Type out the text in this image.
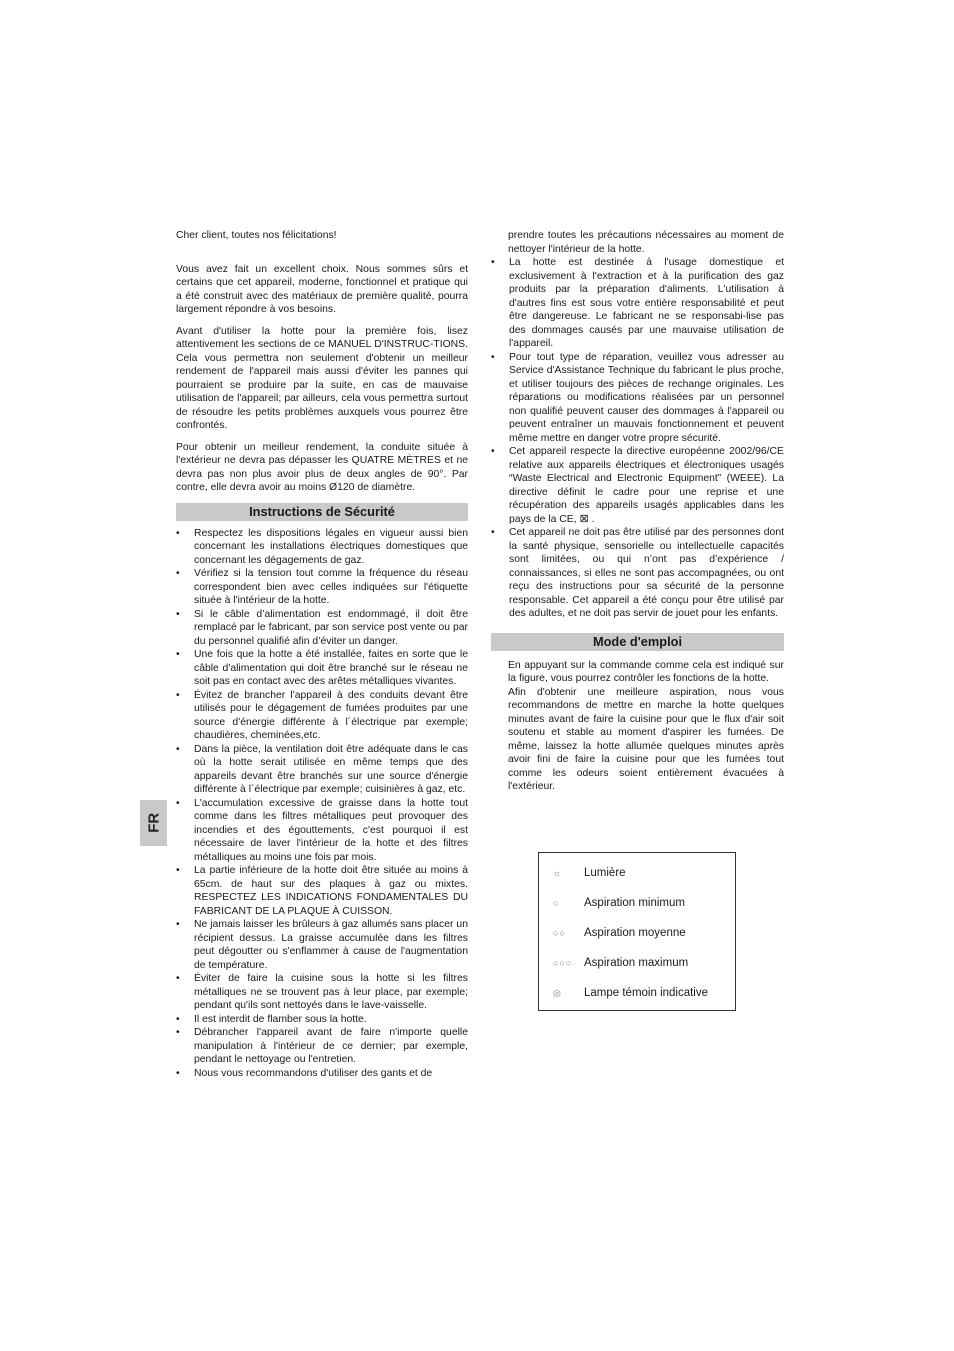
FR

Cher client, toutes nos félicitations!

Vous avez fait un excellent choix. Nous sommes sûrs et certains que cet appareil, moderne, fonctionnel et pratique qui a été construit avec des matériaux de première qualité, pourra largement répondre à vos besoins.

Avant d'utiliser la hotte pour la première fois, lisez attentivement les sections de ce MANUEL D'INSTRUC-TIONS. Cela vous permettra non seulement d'obtenir un meilleur rendement de l'appareil mais aussi d'éviter les pannes qui pourraient se produire par la suite, en cas de mauvaise utilisation de l'appareil; par ailleurs, cela vous permettra surtout de résoudre les petits problèmes auxquels vous pourrez être confrontés.

Pour obtenir un meilleur rendement, la conduite située à l'extérieur ne devra pas dépasser les QUATRE MÈTRES et ne devra pas non plus avoir plus de deux angles de 90°. Par contre, elle devra avoir au moins Ø120 de diamètre.

Instructions de Sécurité
• Respectez les dispositions légales en vigueur aussi bien concernant les installations électriques domestiques que concernant les dégagements de gaz.
• Vérifiez si la tension tout comme la fréquence du réseau correspondent bien avec celles indiquées sur l'étiquette située à l'intérieur de la hotte.
• Si le câble d’alimentation est endommagé, il doit être remplacé par le fabricant, par son service post vente ou par du personnel qualifié afin d’éviter un danger.
• Une fois que la hotte a été installée, faites en sorte que le câble d'alimentation qui doit être branché sur le réseau ne soit pas en contact avec des arêtes métalliques vivantes.
• Évitez de brancher l'appareil à des conduits devant être utilisés pour le dégagement de fumées produites par une source d'énergie différente à l´électrique par exemple; chaudières, cheminées,etc.
• Dans la pièce, la ventilation doit être adéquate dans le cas où la hotte serait utilisée en même temps que des appareils devant être branchés sur une source d'énergie différente à l´électrique par exemple; cuisinières à gaz, etc.
• L'accumulation excessive de graisse dans la hotte tout comme dans les filtres métalliques peut provoquer des incendies et des égouttements, c'est pourquoi il est nécessaire de laver l'intérieur de la hotte et des filtres métalliques au moins une fois par mois.
• La partie inférieure de la hotte doit être située au moins à 65cm. de haut sur des plaques à gaz ou mixtes. RESPECTEZ LES INDICATIONS FONDAMENTALES DU FABRICANT DE LA PLAQUE À CUISSON.
• Ne jamais laisser les brûleurs à gaz allumés sans placer un récipient dessus. La graisse accumulée dans les filtres peut dégoutter ou s'enflammer à cause de l'augmentation de température.
• Éviter de faire la cuisine sous la hotte si les filtres métalliques ne se trouvent pas à leur place, par exemple; pendant qu'ils sont nettoyés dans le lave-vaisselle.
• Il est interdit de flamber sous la hotte.
• Débrancher l'appareil avant de faire n'importe quelle manipulation à l'intérieur de ce dernier; par exemple, pendant le nettoyage ou l'entretien.
• Nous vous recommandons d'utiliser des gants et de

prendre toutes les précautions nécessaires au moment de nettoyer l'intérieur de la hotte.

• La hotte est destinée à l'usage domestique et exclusivement à l'extraction et à la purification des gaz produits par la préparation d'aliments. L'utilisation à d'autres fins est sous votre entière responsabilité et peut être dangereuse. Le fabricant ne se responsabi-lise pas des dommages causés par une mauvaise utilisation de l'appareil.
• Pour tout type de réparation, veuillez vous adresser au Service d'Assistance Technique du fabricant le plus proche, et utiliser toujours des pièces de rechange originales. Les réparations ou modifications réalisées par un personnel non qualifié peuvent causer des dommages à l'appareil ou peuvent entraîner un mauvais fonctionnement et peuvent même mettre en danger votre propre sécurité.
• Cet appareil respecte la directive européenne 2002/96/CE relative aux appareils électriques et électroniques usagés “Waste Electrical and Electronic Equipment” (WEEE). La directive définit le cadre pour une reprise et une récupération des appareils usagés applicables dans les pays de la CE, ⊠ .
• Cet appareil ne doit pas être utilisé par des personnes dont la santé physique, sensorielle ou intellectuelle capacités sont limitées, ou qui n’ont pas d’expérience / connaissances, si elles ne sont pas accompagnées, ou ont reçu des instructions pour sa sécurité de la personne responsable. Cet appareil a été conçu pour être utilisé par des adultes, et ne doit pas servir de jouet pour les enfants.
Mode d'emploi

En appuyant sur la commande comme cela est indiqué sur la figure, vous pourrez contrôler les fonctions de la hotte.

Afin d'obtenir une meilleure aspiration, nous vous recommandons de mettre en marche la hotte quelques minutes avant de faire la cuisine pour que le flux d'air soit soutenu et stable au moment d'aspirer les fumées. De même, laissez la hotte allumée quelques minutes après avoir fini de faire la cuisine pour que les fumées tout comme les odeurs soient entièrement évacuées à l'extérieur.

☼	Lumière
○	Aspiration minimum
○○	Aspiration moyenne
○○○	Aspiration maximum
◎	Lampe témoin indicative
